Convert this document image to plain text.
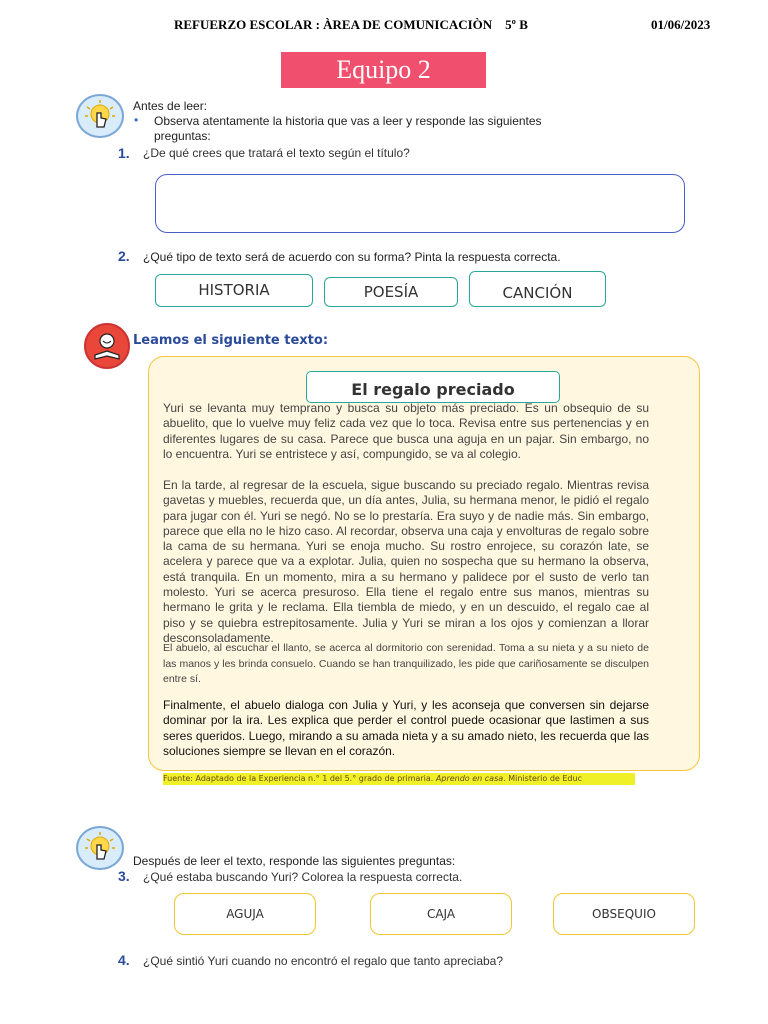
REFUERZO ESCOLAR : ÀREA DE COMUNICACIÒN    5º B	01/06/2023
Equipo 2
Antes de leer:
• Observa atentamente la historia que vas a leer y responde las siguientes preguntas:
1. ¿De qué crees que tratará el texto según el título?
2. ¿Qué tipo de texto será de acuerdo con su forma? Pinta la respuesta correcta.
HISTORIA	POESÍA	CANCIÓN
Leamos el siguiente texto:
El regalo preciado
Yuri se levanta muy temprano y busca su objeto más preciado. Es un obsequio de su abuelito, que lo vuelve muy feliz cada vez que lo toca. Revisa entre sus pertenencias y en diferentes lugares de su casa. Parece que busca una aguja en un pajar. Sin embargo, no lo encuentra. Yuri se entristece y así, compungido, se va al colegio.
En la tarde, al regresar de la escuela, sigue buscando su preciado regalo. Mientras revisa gavetas y muebles, recuerda que, un día antes, Julia, su hermana menor, le pidió el regalo para jugar con él. Yuri se negó. No se lo prestaría. Era suyo y de nadie más. Sin embargo, parece que ella no le hizo caso. Al recordar, observa una caja y envolturas de regalo sobre la cama de su hermana. Yuri se enoja mucho. Su rostro enrojece, su corazón late, se acelera y parece que va a explotar. Julia, quien no sospecha que su hermano la observa, está tranquila. En un momento, mira a su hermano y palidece por el susto de verlo tan molesto. Yuri se acerca presuroso. Ella tiene el regalo entre sus manos, mientras su hermano le grita y le reclama. Ella tiembla de miedo, y en un descuido, el regalo cae al piso y se quiebra estrepitosamente. Julia y Yuri se miran a los ojos y comienzan a llorar desconsoladamente.
El abuelo, al escuchar el llanto, se acerca al dormitorio con serenidad. Toma a su nieta y a su nieto de las manos y les brinda consuelo. Cuando se han tranquilizado, les pide que cariñosamente se disculpen entre sí.
Finalmente, el abuelo dialoga con Julia y Yuri, y les aconseja que conversen sin dejarse dominar por la ira. Les explica que perder el control puede ocasionar que lastimen a sus seres queridos. Luego, mirando a su amada nieta y a su amado nieto, les recuerda que las soluciones siempre se llevan en el corazón.
Fuente: Adaptado de la Experiencia n.° 1 del 5.° grado de primaria. Aprendo en casa. Ministerio de Educ
Después de leer el texto, responde las siguientes preguntas:
3. ¿Qué estaba buscando Yuri? Colorea la respuesta correcta.
AGUJA	CAJA	OBSEQUIO
4. ¿Qué sintió Yuri cuando no encontró el regalo que tanto apreciaba?
